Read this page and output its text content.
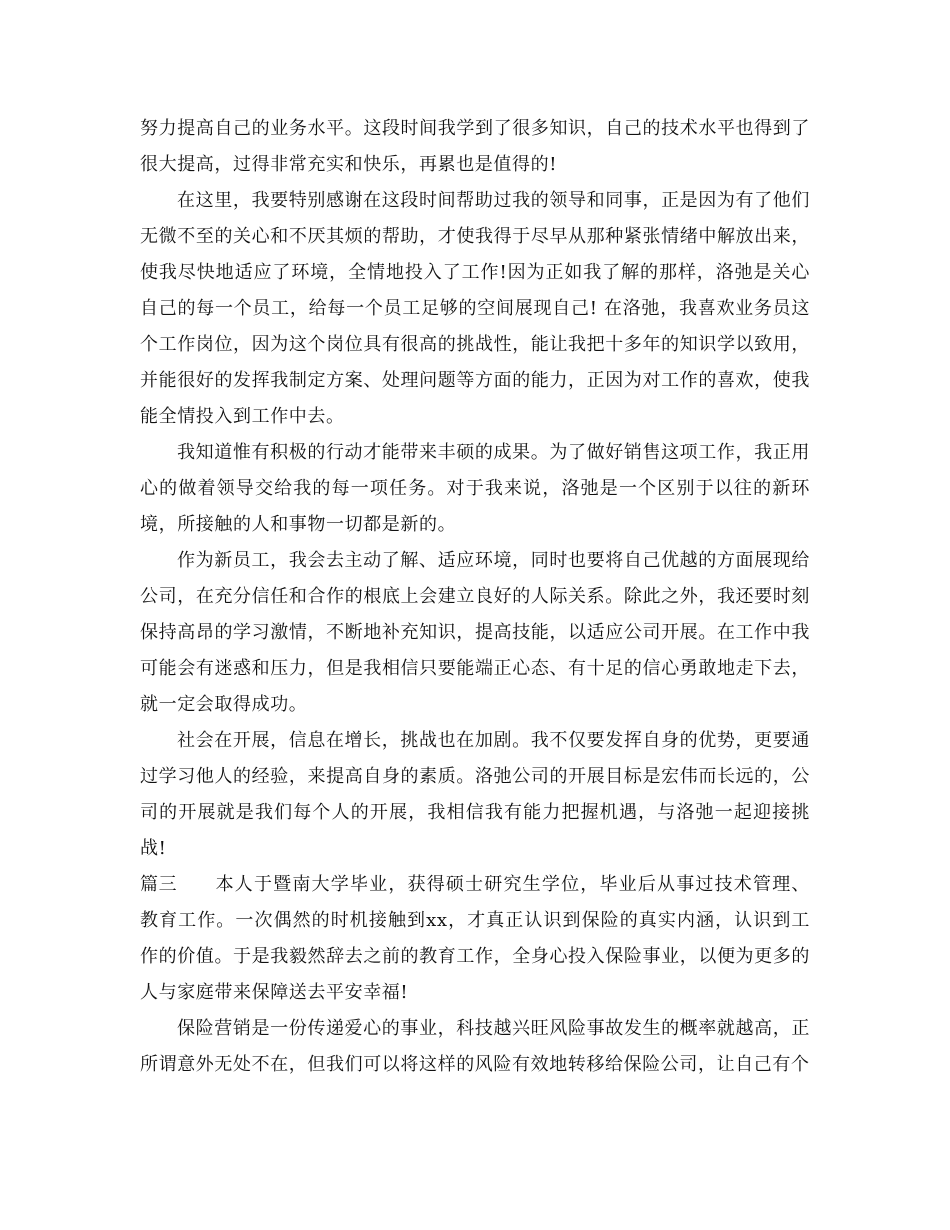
努力提高自己的业务水平。这段时间我学到了很多知识，自己的技术水平也得到了很大提高，过得非常充实和快乐，再累也是值得的!

在这里，我要特别感谢在这段时间帮助过我的领导和同事，正是因为有了他们无微不至的关心和不厌其烦的帮助，才使我得于尽早从那种紧张情绪中解放出来，使我尽快地适应了环境，全情地投入了工作!因为正如我了解的那样，洛弛是关心自己的每一个员工，给每一个员工足够的空间展现自己! 在洛弛，我喜欢业务员这个工作岗位，因为这个岗位具有很高的挑战性，能让我把十多年的知识学以致用，并能很好的发挥我制定方案、处理问题等方面的能力，正因为对工作的喜欢，使我能全情投入到工作中去。

我知道惟有积极的行动才能带来丰硕的成果。为了做好销售这项工作，我正用心的做着领导交给我的每一项任务。对于我来说，洛弛是一个区别于以往的新环境，所接触的人和事物一切都是新的。

作为新员工，我会去主动了解、适应环境，同时也要将自己优越的方面展现给公司，在充分信任和合作的根底上会建立良好的人际关系。除此之外，我还要时刻保持高昂的学习激情，不断地补充知识，提高技能，以适应公司开展。在工作中我可能会有迷惑和压力，但是我相信只要能端正心态、有十足的信心勇敢地走下去，就一定会取得成功。

社会在开展，信息在增长，挑战也在加剧。我不仅要发挥自身的优势，更要通过学习他人的经验，来提高自身的素质。洛弛公司的开展目标是宏伟而长远的，公司的开展就是我们每个人的开展，我相信我有能力把握机遇，与洛弛一起迎接挑战!

篇三 本人于暨南大学毕业，获得硕士研究生学位，毕业后从事过技术管理、教育工作。一次偶然的时机接触到xx，才真正认识到保险的真实内涵，认识到工作的价值。于是我毅然辞去之前的教育工作，全身心投入保险事业，以便为更多的人与家庭带来保障送去平安幸福!

保险营销是一份传递爱心的事业，科技越兴旺风险事故发生的概率就越高，正所谓意外无处不在，但我们可以将这样的风险有效地转移给保险公司，让自己有个
